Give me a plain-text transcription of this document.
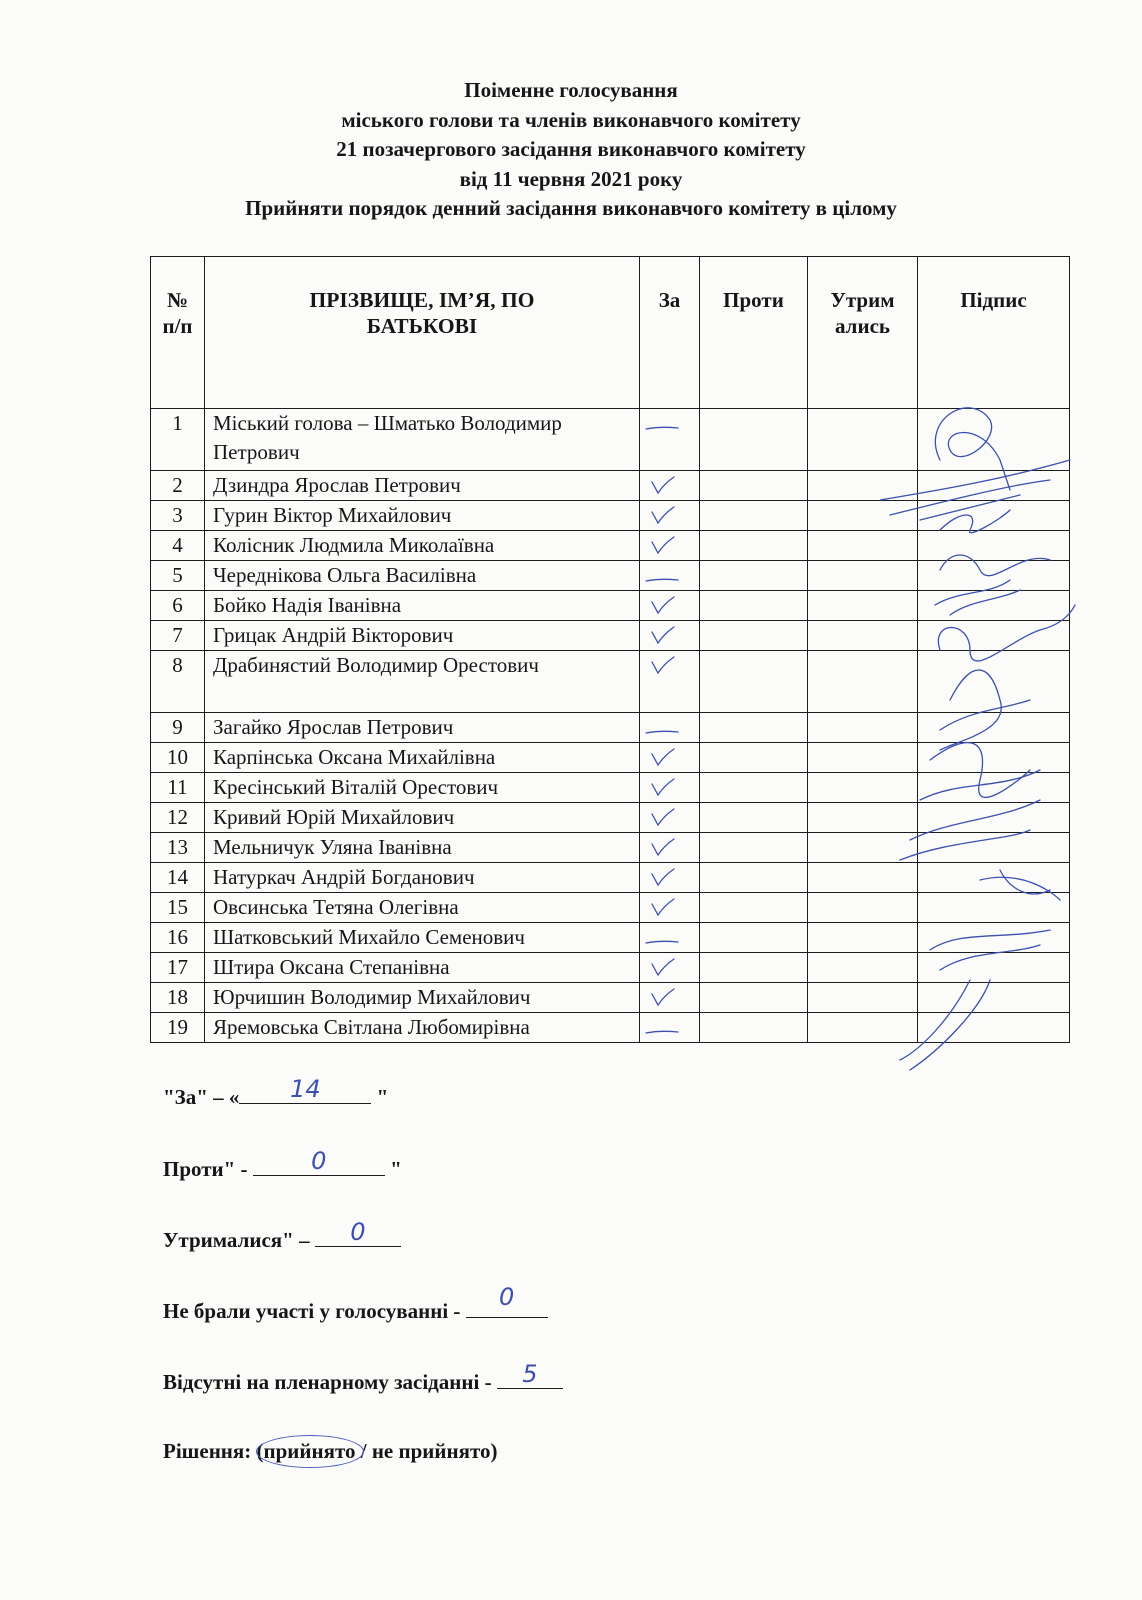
Поіменне голосування
міського голови та членів виконавчого комітету
21 позачергового засідання виконавчого комітету
від 11 червня 2021 року
Прийняти порядок денний засідання виконавчого комітету в цілому
№ п/п	ПРІЗВИЩЕ, ІМ’Я, ПО БАТЬКОВІ	За	Проти	Утрим ались	Підпис
1	Міський голова – Шматько Володимир Петрович	

2	Дзиндра Ярослав Петрович	

3	Гурин Віктор Михайлович	

4	Колісник Людмила Миколаївна	

5	Череднікова Ольга Василівна	

6	Бойко Надія Іванівна	

7	Грицак Андрій Вікторович	

8	Драбинястий Володимир Орестович	

9	Загайко Ярослав Петрович	

10	Карпінська Оксана Михайлівна	

11	Кресінський Віталій Орестович	

12	Кривий Юрій Михайлович	

13	Мельничук Уляна Іванівна	

14	Натуркач Андрій Богданович	

15	Овсинська Тетяна Олегівна	

16	Шатковський Михайло Семенович	

17	Штира Оксана Степанівна	

18	Юрчишин Володимир Михайлович	

19	Яремовська Світлана Любомирівна	

"За" – «	14	"
Проти" -	0	"
Утрималися" –	0
Не брали участі у голосуванні -	0
Відсутні на пленарному засіданні -	5
Рішення: (прийнято
/ не прийнято)
